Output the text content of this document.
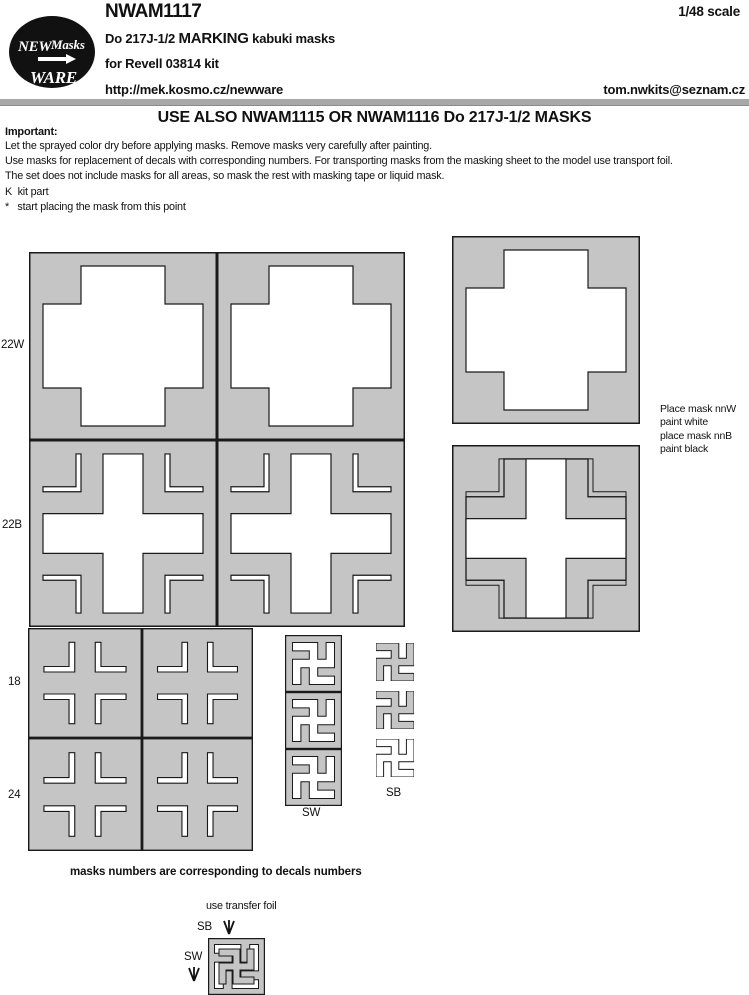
NEW Masks
WARE
NWAM1117	1/48 scale
Do 217J-1/2 MARKING kabuki masks
for Revell 03814 kit
http://mek.kosmo.cz/newware	tom.nwkits@seznam.cz
USE ALSO NWAM1115 OR NWAM1116 Do 217J-1/2 MASKS
Important:
Let the sprayed color dry before applying masks. Remove masks very carefully after painting.
Use masks for replacement of decals with corresponding numbers. For transporting masks from the masking sheet to the model use transport foil.
The set does not include masks for all areas, so mask the rest with masking tape or liquid mask.
K  kit part
*   start placing the mask from this point
22W
22B
18
24
Place mask nnW
paint white
place mask nnB
paint black
SW
SB
masks numbers are corresponding to decals numbers
use transfer foil
SB
SW
